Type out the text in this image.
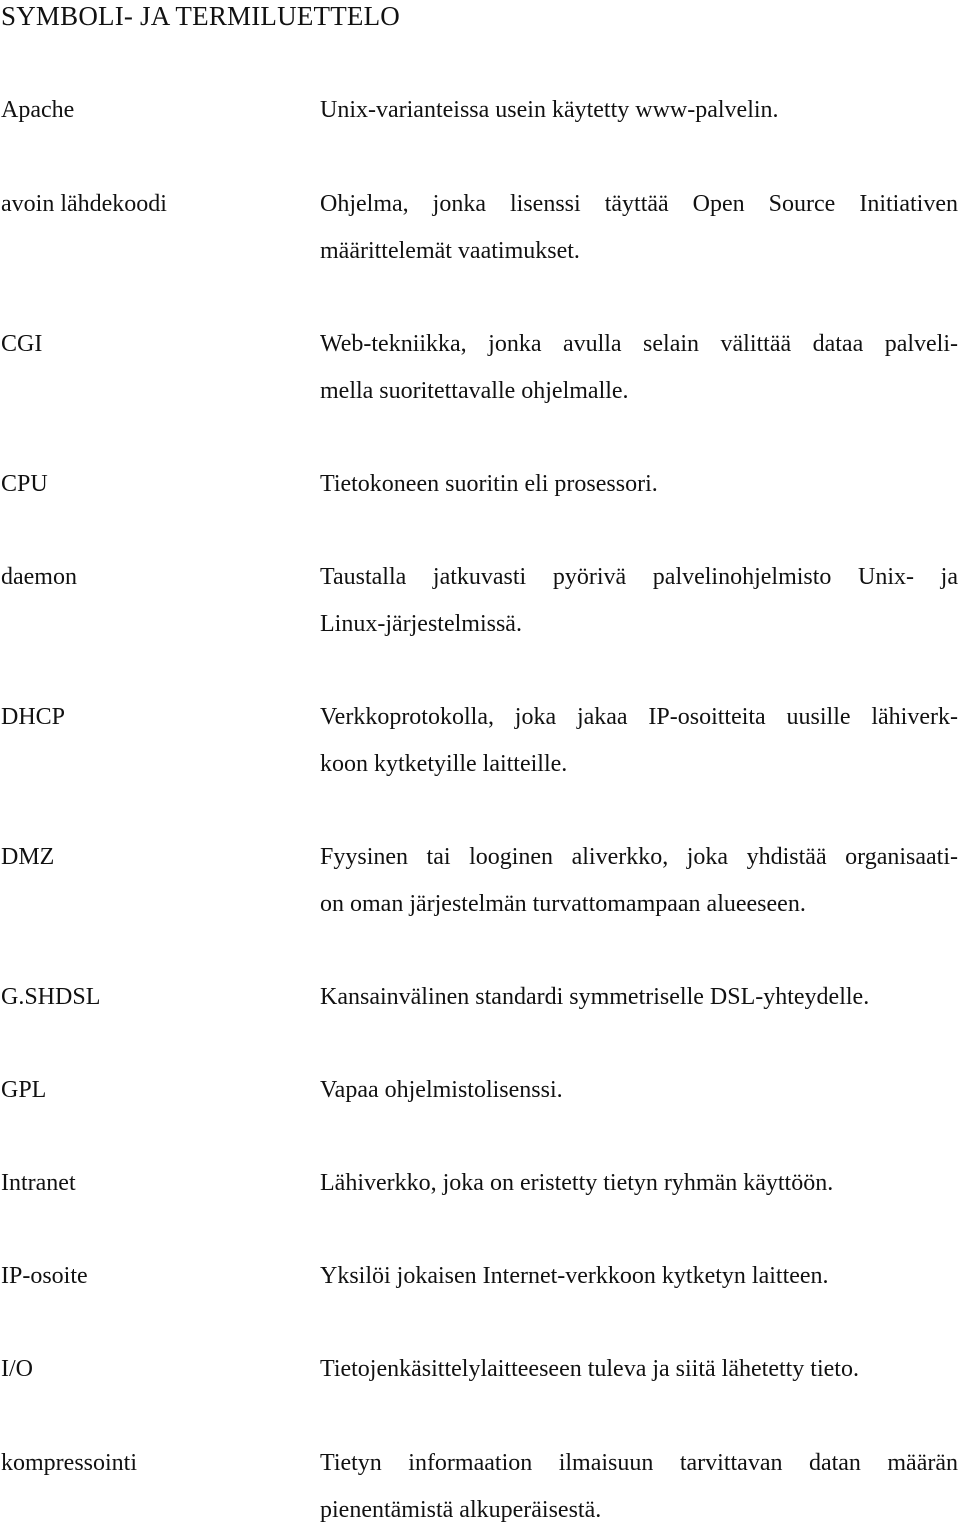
SYMBOLI- JA TERMILUETTELO
Apache	Unix-varianteissa usein käytetty www-palvelin.
avoin lähdekoodi	Ohjelma, jonka lisenssi täyttää Open Source Initiativen
määrittelemät vaatimukset.
CGI	Web-tekniikka, jonka avulla selain välittää dataa palveli-
mella suoritettavalle ohjelmalle.
CPU	Tietokoneen suoritin eli prosessori.
daemon	Taustalla jatkuvasti pyörivä palvelinohjelmisto Unix- ja
Linux-järjestelmissä.
DHCP	Verkkoprotokolla, joka jakaa IP-osoitteita uusille lähiverk-
koon kytketyille laitteille.
DMZ	Fyysinen tai looginen aliverkko, joka yhdistää organisaati-
on oman järjestelmän turvattomampaan alueeseen.
G.SHDSL	Kansainvälinen standardi symmetriselle DSL-yhteydelle.
GPL	Vapaa ohjelmistolisenssi.
Intranet	Lähiverkko, joka on eristetty tietyn ryhmän käyttöön.
IP-osoite	Yksilöi jokaisen Internet-verkkoon kytketyn laitteen.
I/O	Tietojenkäsittelylaitteeseen tuleva ja siitä lähetetty tieto.
kompressointi	Tietyn informaation ilmaisuun tarvittavan datan määrän
pienentämistä alkuperäisestä.
